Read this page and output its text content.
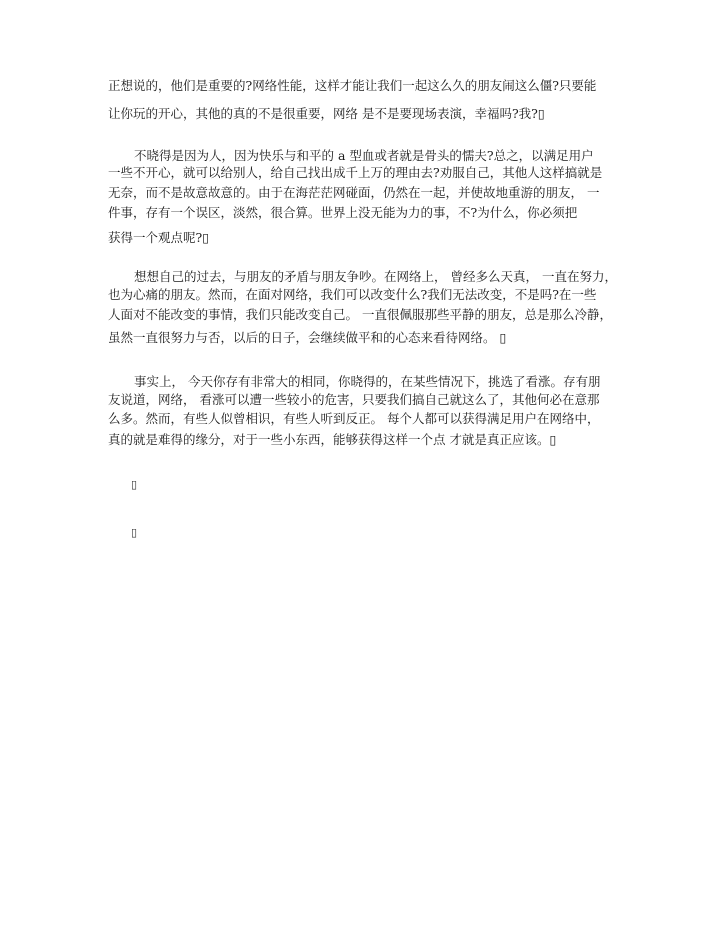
正想说的，他们是重要的?网络性能，这样才能让我们一起这么久的朋友闹这么僵?只要能
让你玩的开心，其他的真的不是很重要，网络 是不是要现场表演，幸福吗?我?▯
不晓得是因为人，因为快乐与和平的 a 型血或者就是骨头的懦夫?总之，以满足用户
一些不开心，就可以给别人，给自己找出成千上万的理由去?劝服自己，其他人这样搞就是
无奈，而不是故意故意的。由于在海茫茫网碰面，仍然在一起，并使故地重游的朋友， 一
件事，存有一个误区，淡然，很合算。世界上没无能为力的事，不?为什么，你必须把
获得一个观点呢?▯
想想自己的过去，与朋友的矛盾与朋友争吵。在网络上， 曾经多么天真， 一直在努力，
也为心痛的朋友。然而，在面对网络，我们可以改变什么?我们无法改变，不是吗?在一些
人面对不能改变的事情，我们只能改变自己。 一直很佩服那些平静的朋友，总是那么冷静，
虽然一直很努力与否，以后的日子，会继续做平和的心态来看待网络。 ▯
事实上， 今天你存有非常大的相同，你晓得的，在某些情况下，挑选了看涨。存有朋
友说道，网络， 看涨可以遭一些较小的危害，只要我们搞自己就这么了，其他何必在意那
么多。然而，有些人似曾相识，有些人听到反正。 每个人都可以获得满足用户在网络中，
真的就是难得的缘分，对于一些小东西，能够获得这样一个点 才就是真正应该。▯
▯
▯
